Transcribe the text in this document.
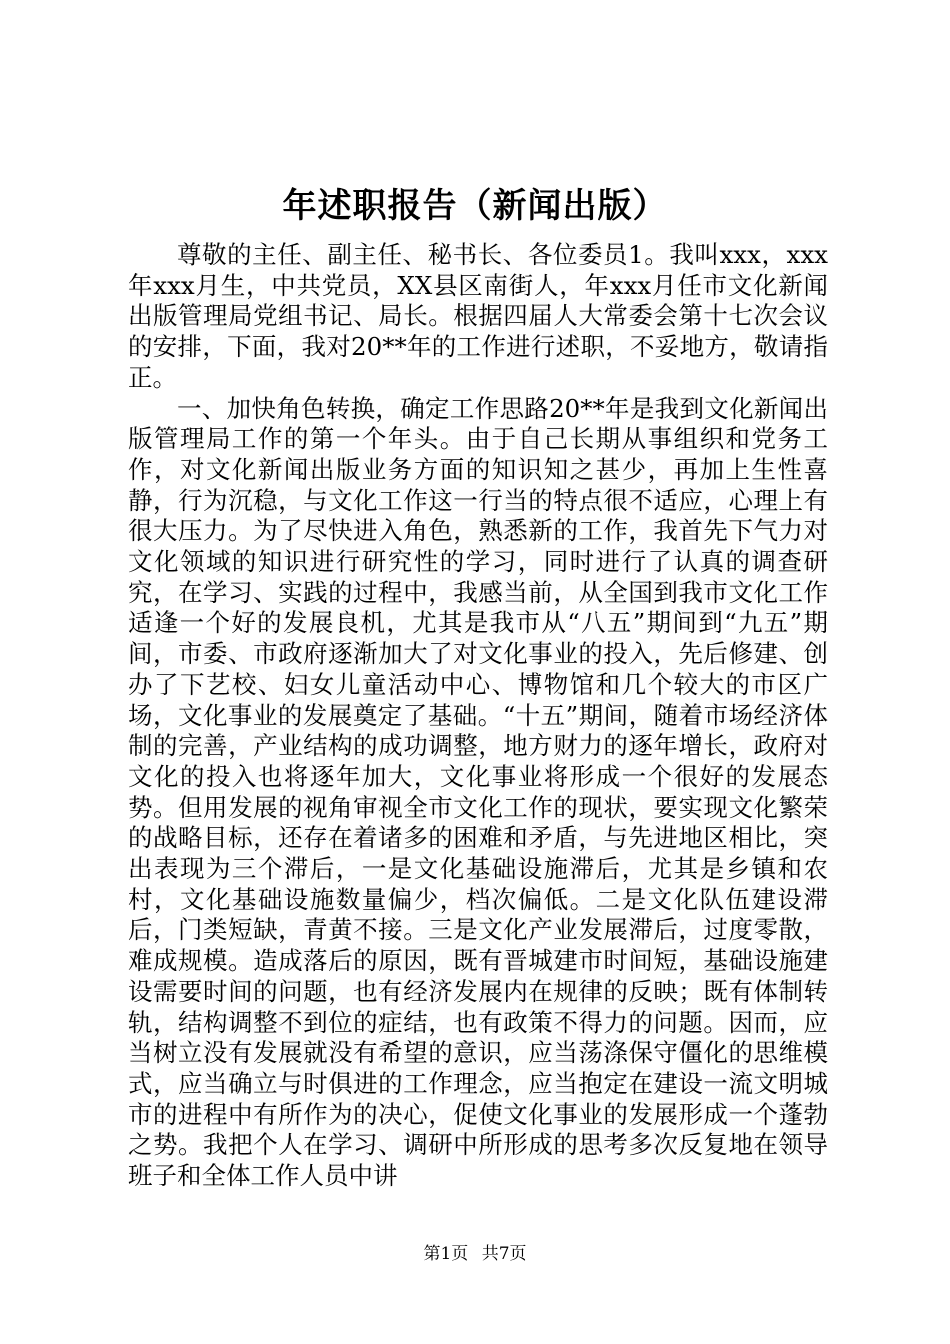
年述职报告（新闻出版）

尊敬的主任、副主任、秘书长、各位委员1。我叫xxx，xxx年xxx月生，中共党员，XX县区南街人，年xxx月任市文化新闻出版管理局党组书记、局长。根据四届人大常委会第十七次会议的安排，下面，我对20**年的工作进行述职，不妥地方，敬请指正。

一、加快角色转换，确定工作思路20**年是我到文化新闻出版管理局工作的第一个年头。由于自己长期从事组织和党务工作，对文化新闻出版业务方面的知识知之甚少，再加上生性喜静，行为沉稳，与文化工作这一行当的特点很不适应，心理上有很大压力。为了尽快进入角色，熟悉新的工作，我首先下气力对文化领域的知识进行研究性的学习，同时进行了认真的调查研究，在学习、实践的过程中，我感当前，从全国到我市文化工作适逢一个好的发展良机，尤其是我市从“八五”期间到“九五”期间，市委、市政府逐渐加大了对文化事业的投入，先后修建、创办了下艺校、妇女儿童活动中心、博物馆和几个较大的市区广场，文化事业的发展奠定了基础。“十五”期间，随着市场经济体制的完善，产业结构的成功调整，地方财力的逐年增长，政府对文化的投入也将逐年加大，文化事业将形成一个很好的发展态势。但用发展的视角审视全市文化工作的现状，要实现文化繁荣的战略目标，还存在着诸多的困难和矛盾，与先进地区相比，突出表现为三个滞后，一是文化基础设施滞后，尤其是乡镇和农村，文化基础设施数量偏少，档次偏低。二是文化队伍建设滞后，门类短缺，青黄不接。三是文化产业发展滞后，过度零散，难成规模。造成落后的原因，既有晋城建市时间短，基础设施建设需要时间的问题，也有经济发展内在规律的反映；既有体制转轨，结构调整不到位的症结，也有政策不得力的问题。因而，应当树立没有发展就没有希望的意识，应当荡涤保守僵化的思维模式，应当确立与时俱进的工作理念，应当抱定在建设一流文明城市的进程中有所作为的决心，促使文化事业的发展形成一个蓬勃之势。我把个人在学习、调研中所形成的思考多次反复地在领导班子和全体工作人员中讲

第1页 共7页
